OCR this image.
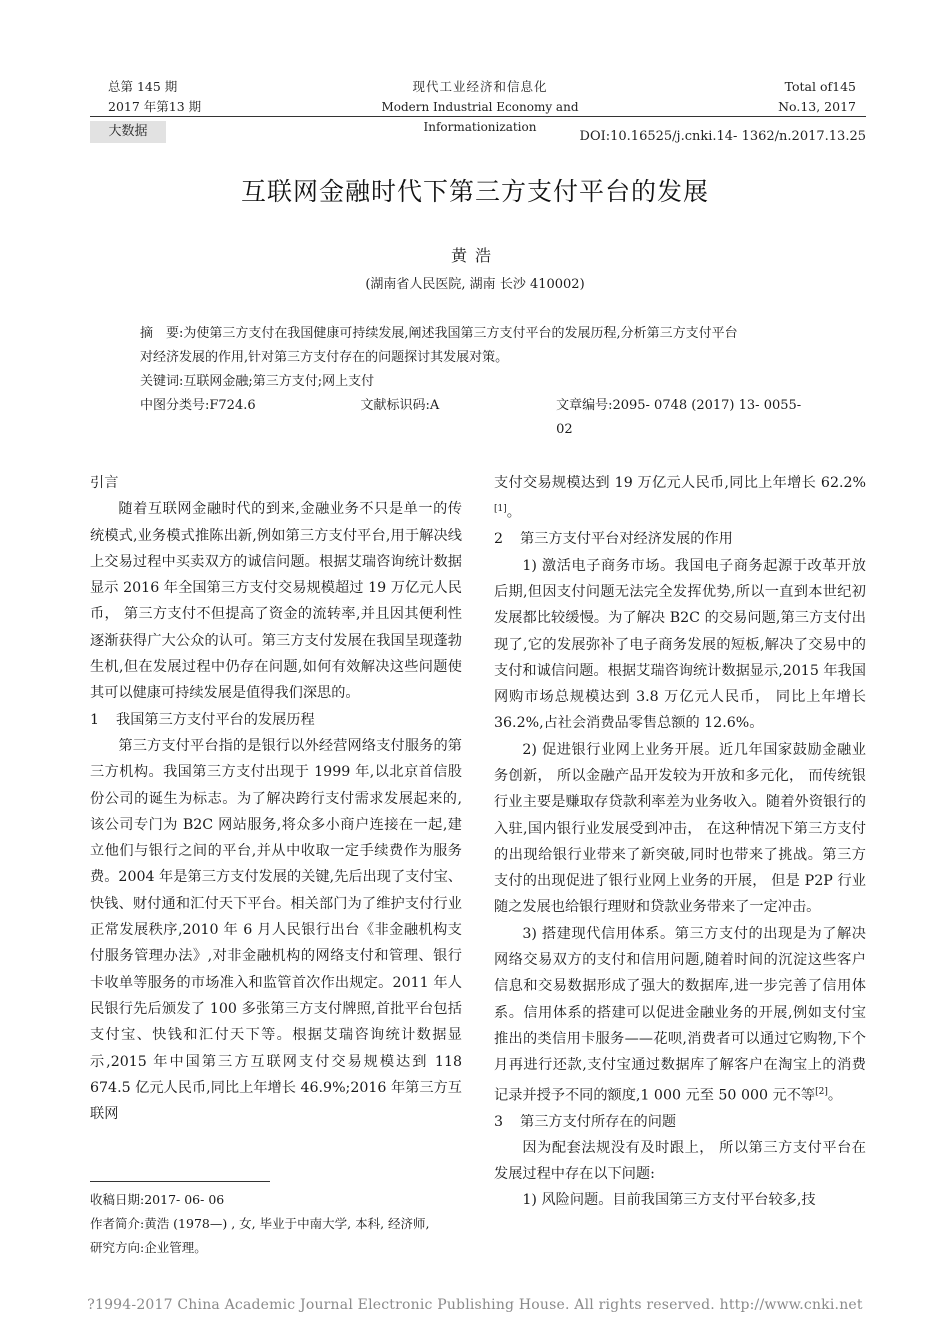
总第 145 期
2017 年第13 期
现代工业经济和信息化
Modern Industrial Economy and Informationization
Total of145
No.13, 2017
大数据	DOI:10.16525/j.cnki.14- 1362/n.2017.13.25
互联网金融时代下第三方支付平台的发展
黄浩
(湖南省人民医院, 湖南 长沙 410002)

摘　要:为使第三方支付在我国健康可持续发展,阐述我国第三方支付平台的发展历程,分析第三方支付平台

对经济发展的作用,针对第三方支付存在的问题探讨其发展对策。

关键词:互联网金融;第三方支付;网上支付

中图分类号:F724.6	文献标识码:A	文章编号:2095- 0748 (2017) 13- 0055- 02

引言

随着互联网金融时代的到来,金融业务不只是单一的传统模式,业务模式推陈出新,例如第三方支付平台,用于解决线上交易过程中买卖双方的诚信问题。根据艾瑞咨询统计数据显示 2016 年全国第三方支付交易规模超过 19 万亿元人民币， 第三方支付不但提高了资金的流转率,并且因其便利性逐渐获得广大公众的认可。第三方支付发展在我国呈现蓬勃生机,但在发展过程中仍存在问题,如何有效解决这些问题使其可以健康可持续发展是值得我们深思的。

1 我国第三方支付平台的发展历程

第三方支付平台指的是银行以外经营网络支付服务的第三方机构。我国第三方支付出现于 1999 年,以北京首信股份公司的诞生为标志。为了解决跨行支付需求发展起来的,该公司专门为 B2C 网站服务,将众多小商户连接在一起,建立他们与银行之间的平台,并从中收取一定手续费作为服务费。2004 年是第三方支付发展的关键,先后出现了支付宝、快钱、财付通和汇付天下平台。相关部门为了维护支付行业正常发展秩序,2010 年 6 月人民银行出台《非金融机构支付服务管理办法》,对非金融机构的网络支付和管理、银行卡收单等服务的市场准入和监管首次作出规定。2011 年人民银行先后颁发了 100 多张第三方支付牌照,首批平台包括支付宝、快钱和汇付天下等。根据艾瑞咨询统计数据显示,2015 年中国第三方互联网支付交易规模达到 118 674.5 亿元人民币,同比上年增长 46.9%;2016 年第三方互联网

支付交易规模达到 19 万亿元人民币,同比上年增长 62.2%[1]。

2 第三方支付平台对经济发展的作用

1) 激活电子商务市场。我国电子商务起源于改革开放后期,但因支付问题无法完全发挥优势,所以一直到本世纪初发展都比较缓慢。为了解决 B2C 的交易问题,第三方支付出现了,它的发展弥补了电子商务发展的短板,解决了交易中的支付和诚信问题。根据艾瑞咨询统计数据显示,2015 年我国网购市场总规模达到 3.8 万亿元人民币， 同比上年增长 36.2%,占社会消费品零售总额的 12.6%。

2) 促进银行业网上业务开展。近几年国家鼓励金融业务创新， 所以金融产品开发较为开放和多元化， 而传统银行业主要是赚取存贷款利率差为业务收入。随着外资银行的入驻,国内银行业发展受到冲击， 在这种情况下第三方支付的出现给银行业带来了新突破,同时也带来了挑战。第三方支付的出现促进了银行业网上业务的开展， 但是 P2P 行业随之发展也给银行理财和贷款业务带来了一定冲击。

3) 搭建现代信用体系。第三方支付的出现是为了解决网络交易双方的支付和信用问题,随着时间的沉淀这些客户信息和交易数据形成了强大的数据库,进一步完善了信用体系。信用体系的搭建可以促进金融业务的开展,例如支付宝推出的类信用卡服务——花呗,消费者可以通过它购物,下个月再进行还款,支付宝通过数据库了解客户在淘宝上的消费记录并授予不同的额度,1 000 元至 50 000 元不等[2]。

3 第三方支付所存在的问题

因为配套法规没有及时跟上， 所以第三方支付平台在发展过程中存在以下问题:

1) 风险问题。目前我国第三方支付平台较多,技

收稿日期:2017- 06- 06

作者简介:黄浩 (1978—) , 女, 毕业于中南大学, 本科, 经济师,

研究方向:企业管理。

?1994-2017 China Academic Journal Electronic Publishing House. All rights reserved. http://www.cnki.net
